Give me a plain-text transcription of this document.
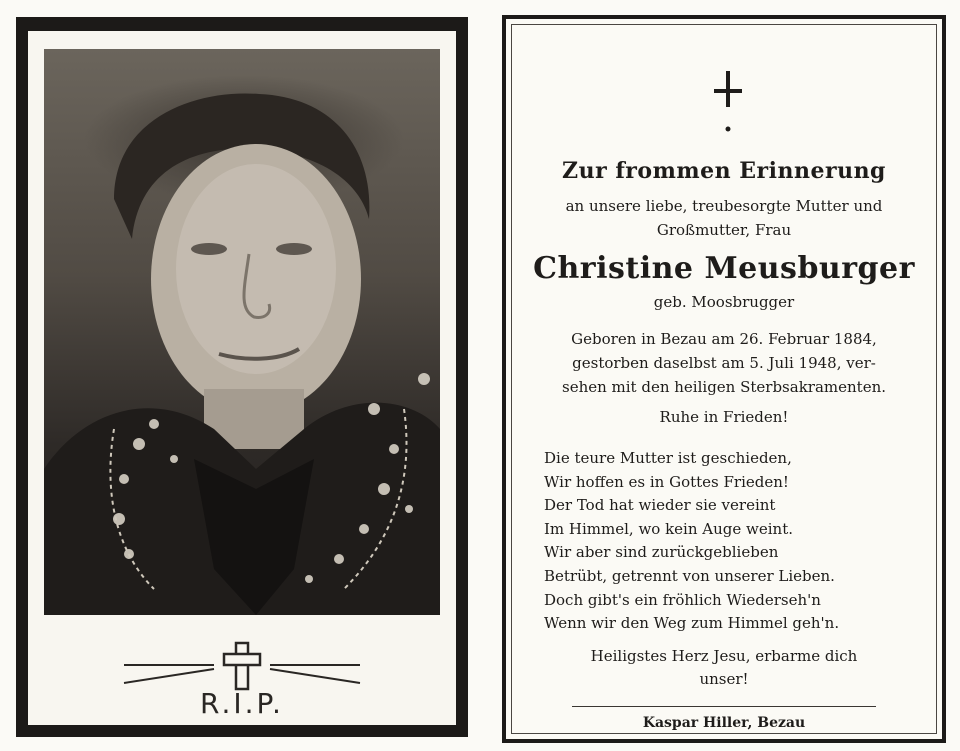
R.I.P.
Zur frommen Erinnerung
an unsere liebe, treubesorgte Mutter und
Großmutter, Frau
Christine Meusburger
geb. Moosbrugger
Geboren in Bezau am 26. Februar 1884,
gestorben daselbst am 5. Juli 1948, ver-
sehen mit den heiligen Sterbsakramenten.
Ruhe in Frieden!
Die teure Mutter ist geschieden,
Wir hoffen es in Gottes Frieden!
Der Tod hat wieder sie vereint
Im Himmel, wo kein Auge weint.
Wir aber sind zurückgeblieben
Betrübt, getrennt von unserer Lieben.
Doch gibt's ein fröhlich Wiederseh'n
Wenn wir den Weg zum Himmel geh'n.
Heiligstes Herz Jesu, erbarme dich
unser!
Kaspar Hiller, Bezau
